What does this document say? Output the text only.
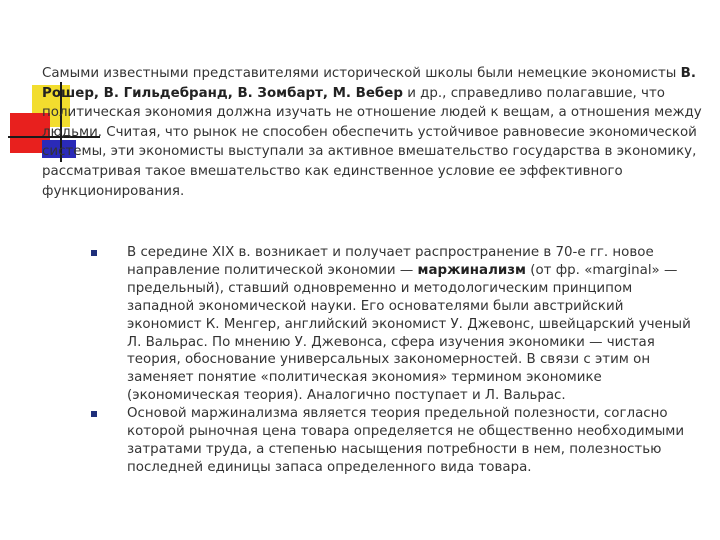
Самыми известными представителями исторической школы были немецкие экономисты В. Рошер, В. Гильдебранд, В. Зомбарт, М. Вебер и др., справедливо полагавшие, что политическая экономия должна изучать не отношение людей к вещам, а отношения между людьми. Считая, что рынок не способен обеспечить устойчивое равновесие экономической системы, эти экономисты выступали за активное вмешательство государства в экономику, рассматривая такое вмешательство как единственное условие ее эффективного функционирования.

В середине XIX в. возникает и получает распространение в 70-е гг. новое направление политической экономии — маржинализм (от фр. «marginal» — предельный), ставший одновременно и методологическим принципом западной экономической науки. Его основателями были австрийский экономист К. Менгер, английский экономист У. Джевонс, швейцарский ученый Л. Вальрас. По мнению У. Джевонса, сфера изучения экономики — чистая теория, обоснование универсальных закономерностей. В связи с этим он заменяет понятие «политическая экономия» термином экономике (экономическая теория). Аналогично поступает и Л. Вальрас.
Основой маржинализма является теория предельной полезности, согласно которой рыночная цена товара определяется не общественно необходимыми затратами труда, а степенью насыщения потребности в нем, полезностью последней единицы запаса определенного вида товара.
